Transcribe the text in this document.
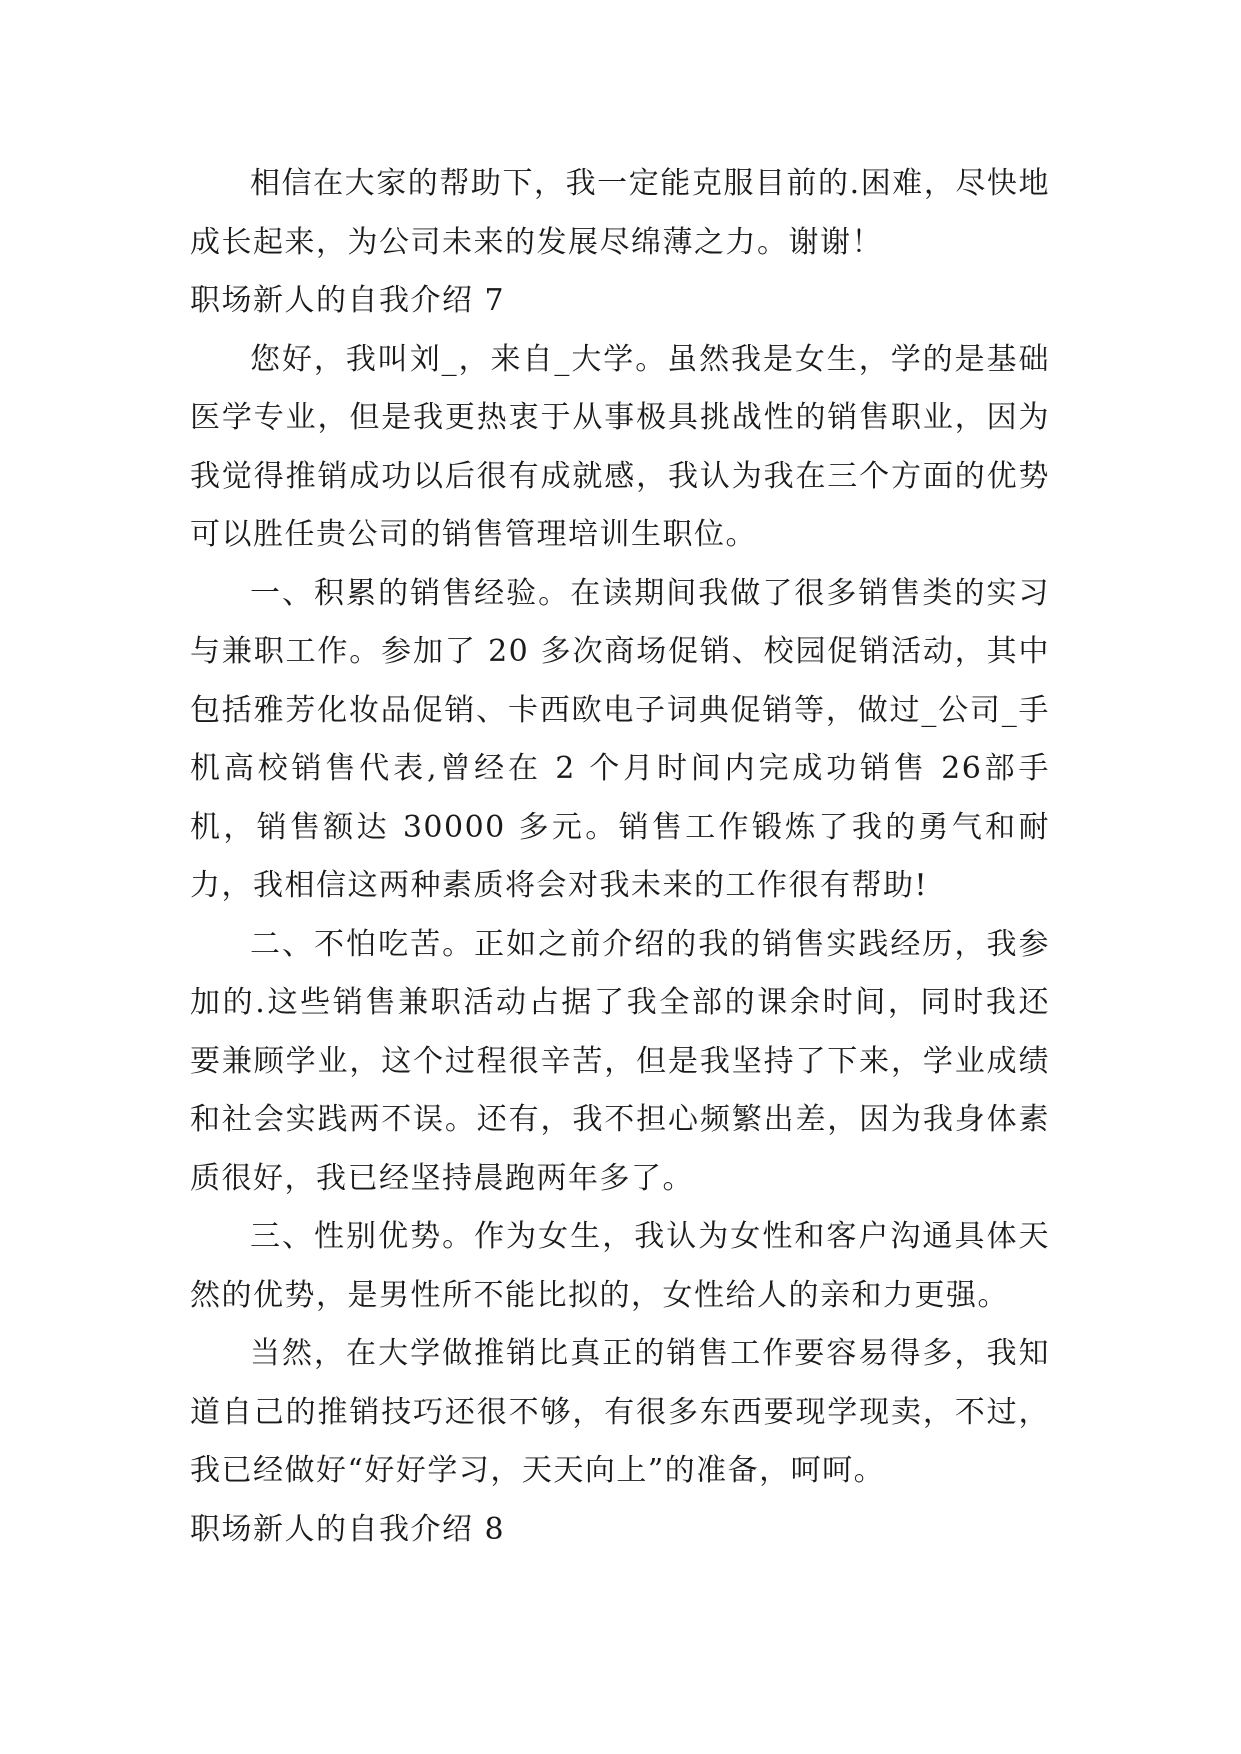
相信在大家的帮助下，我一定能克服目前的.困难，尽快地成长起来，为公司未来的发展尽绵薄之力。谢谢！

职场新人的自我介绍 7

您好，我叫刘_，来自_大学。虽然我是女生，学的是基础医学专业，但是我更热衷于从事极具挑战性的销售职业，因为我觉得推销成功以后很有成就感，我认为我在三个方面的优势可以胜任贵公司的销售管理培训生职位。

一、积累的销售经验。在读期间我做了很多销售类的实习与兼职工作。参加了 20 多次商场促销、校园促销活动，其中包括雅芳化妆品促销、卡西欧电子词典促销等，做过_公司_手机高校销售代表,曾经在 2 个月时间内完成功销售 26部手机，销售额达 30000 多元。销售工作锻炼了我的勇气和耐力，我相信这两种素质将会对我未来的工作很有帮助!

二、不怕吃苦。正如之前介绍的我的销售实践经历，我参加的.这些销售兼职活动占据了我全部的课余时间，同时我还要兼顾学业，这个过程很辛苦，但是我坚持了下来，学业成绩和社会实践两不误。还有，我不担心频繁出差，因为我身体素质很好，我已经坚持晨跑两年多了。

三、性别优势。作为女生，我认为女性和客户沟通具体天然的优势，是男性所不能比拟的，女性给人的亲和力更强。

当然，在大学做推销比真正的销售工作要容易得多，我知道自己的推销技巧还很不够，有很多东西要现学现卖，不过，我已经做好“好好学习，天天向上”的准备，呵呵。

职场新人的自我介绍 8
